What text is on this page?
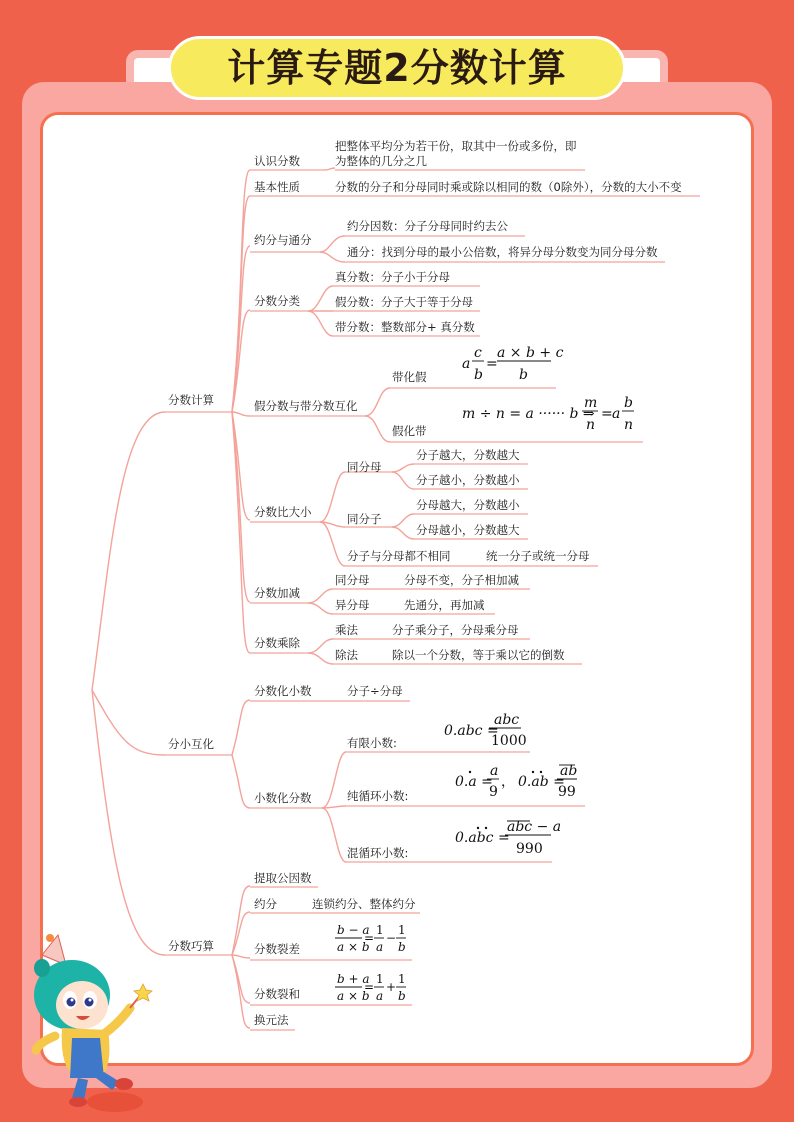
计算专题2分数计算
分数计算
分小互化
分数巧算
认识分数
把整体平均分为若干份，取其中一份或多份，即
为整体的几分之几
基本性质	分数的分子和分母同时乘或除以相同的数（0除外），分数的大小不变
约分与通分
约分因数：分子分母同时约去公
通分：找到分母的最小公倍数，将异分母分数变为同分母分数
分数分类
真分数：分子小于分母
假分数：分子大于等于分母
带分数：整数部分+ 真分数
假分数与带分数互化
带化假
假化带
分数比大小
同分母
分子越大，分数越大
分子越小，分数越小
同分子
分母越大，分数越小
分母越小，分数越大
分子与分母都不相同	统一分子或统一分母
分数加减
同分母	分母不变，分子相加减
异分母	先通分，再加减
分数乘除
乘法	分子乘分子，分母乘分母
除法	除以一个分数，等于乘以它的倒数
分数化小数	分子÷分母
小数化分数
有限小数:
纯循环小数:
混循环小数:
提取公因数
约分	连锁约分、整体约分
分数裂差
分数裂和
换元法
a
c
b
=
a × b + c
b
m ÷ n = a ······ b ⇒
m
n
= a
b
n
0.abc =
abc
1000
0.a =
a
9
， 0.ab =
ab
99
0.abc =
abc − a
990
b − a
a × b
=
1
a
−
1
b
b + a
a × b
=
1
a
+
1
b
